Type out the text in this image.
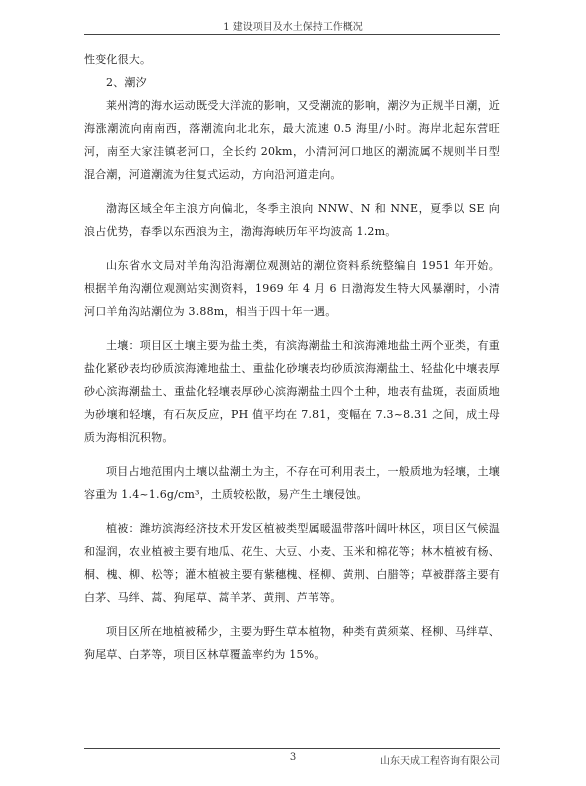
1 建设项目及水土保持工作概况

性变化很大。

2、潮汐

莱州湾的海水运动既受大洋流的影响，又受潮流的影响，潮汐为正规半日潮，近海涨潮流向南南西，落潮流向北北东，最大流速 0.5 海里/小时。海岸北起东营旺河，南至大家洼镇老河口，全长约 20km，小清河河口地区的潮流属不规则半日型混合潮，河道潮流为往复式运动，方向沿河道走向。

渤海区域全年主浪方向偏北，冬季主浪向 NNW、N 和 NNE，夏季以 SE 向浪占优势，春季以东西浪为主，渤海海峡历年平均波高 1.2m。

山东省水文局对羊角沟沿海潮位观测站的潮位资料系统整编自 1951 年开始。根据羊角沟潮位观测站实测资料，1969 年 4 月 6 日渤海发生特大风暴潮时，小清河口羊角沟站潮位为 3.88m，相当于四十年一遇。

土壤：项目区土壤主要为盐土类，有滨海潮盐土和滨海滩地盐土两个亚类，有重盐化紧砂表均砂质滨海滩地盐土、重盐化砂壤表均砂质滨海潮盐土、轻盐化中壤表厚砂心滨海潮盐土、重盐化轻壤表厚砂心滨海潮盐土四个土种，地表有盐斑，表面质地为砂壤和轻壤，有石灰反应，PH 值平均在 7.81，变幅在 7.3~8.31 之间，成土母质为海相沉积物。

项目占地范围内土壤以盐潮土为主，不存在可利用表土，一般质地为轻壤，土壤容重为 1.4~1.6g/cm³，土质较松散，易产生土壤侵蚀。

植被：潍坊滨海经济技术开发区植被类型属暖温带落叶阔叶林区，项目区气候温和湿润，农业植被主要有地瓜、花生、大豆、小麦、玉米和棉花等；林木植被有杨、桐、槐、柳、松等；灌木植被主要有紫穗槐、柽柳、黄荆、白腊等；草被群落主要有白茅、马绊、蒿、狗尾草、蒿羊茅、黄荆、芦苇等。

项目区所在地植被稀少，主要为野生草本植物，种类有黄须菜、柽柳、马绊草、狗尾草、白茅等，项目区林草覆盖率约为 15%。

3	山东天成工程咨询有限公司
